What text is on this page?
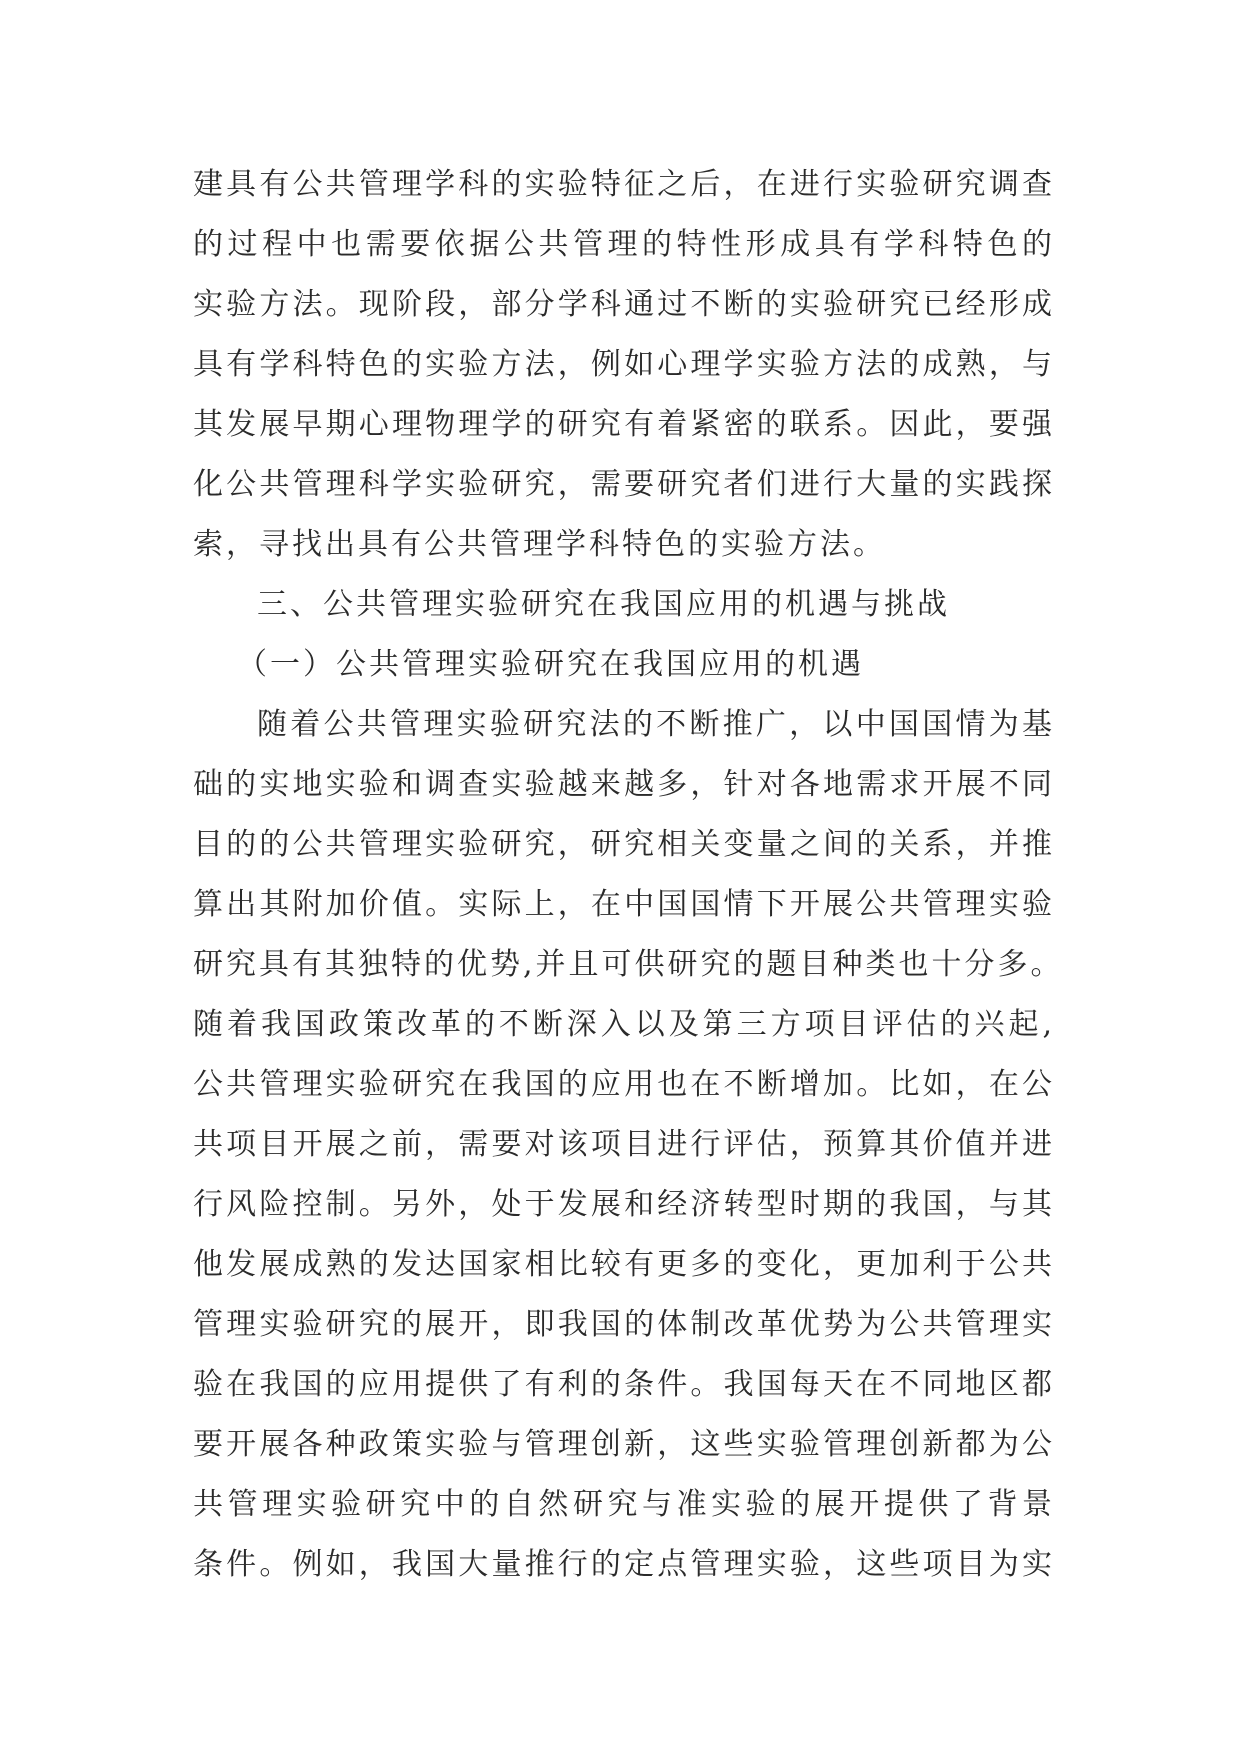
建具有公共管理学科的实验特征之后，在进行实验研究调查
的过程中也需要依据公共管理的特性形成具有学科特色的
实验方法。现阶段，部分学科通过不断的实验研究已经形成
具有学科特色的实验方法，例如心理学实验方法的成熟，与
其发展早期心理物理学的研究有着紧密的联系。因此，要强
化公共管理科学实验研究，需要研究者们进行大量的实践探
索，寻找出具有公共管理学科特色的实验方法。
三、公共管理实验研究在我国应用的机遇与挑战
（一）公共管理实验研究在我国应用的机遇
随着公共管理实验研究法的不断推广，以中国国情为基
础的实地实验和调查实验越来越多，针对各地需求开展不同
目的的公共管理实验研究，研究相关变量之间的关系，并推
算出其附加价值。实际上，在中国国情下开展公共管理实验
研究具有其独特的优势,并且可供研究的题目种类也十分多。
随着我国政策改革的不断深入以及第三方项目评估的兴起,
公共管理实验研究在我国的应用也在不断增加。比如，在公
共项目开展之前，需要对该项目进行评估，预算其价值并进
行风险控制。另外，处于发展和经济转型时期的我国，与其
他发展成熟的发达国家相比较有更多的变化，更加利于公共
管理实验研究的展开，即我国的体制改革优势为公共管理实
验在我国的应用提供了有利的条件。我国每天在不同地区都
要开展各种政策实验与管理创新，这些实验管理创新都为公
共管理实验研究中的自然研究与准实验的展开提供了背景
条件。例如，我国大量推行的定点管理实验，这些项目为实
